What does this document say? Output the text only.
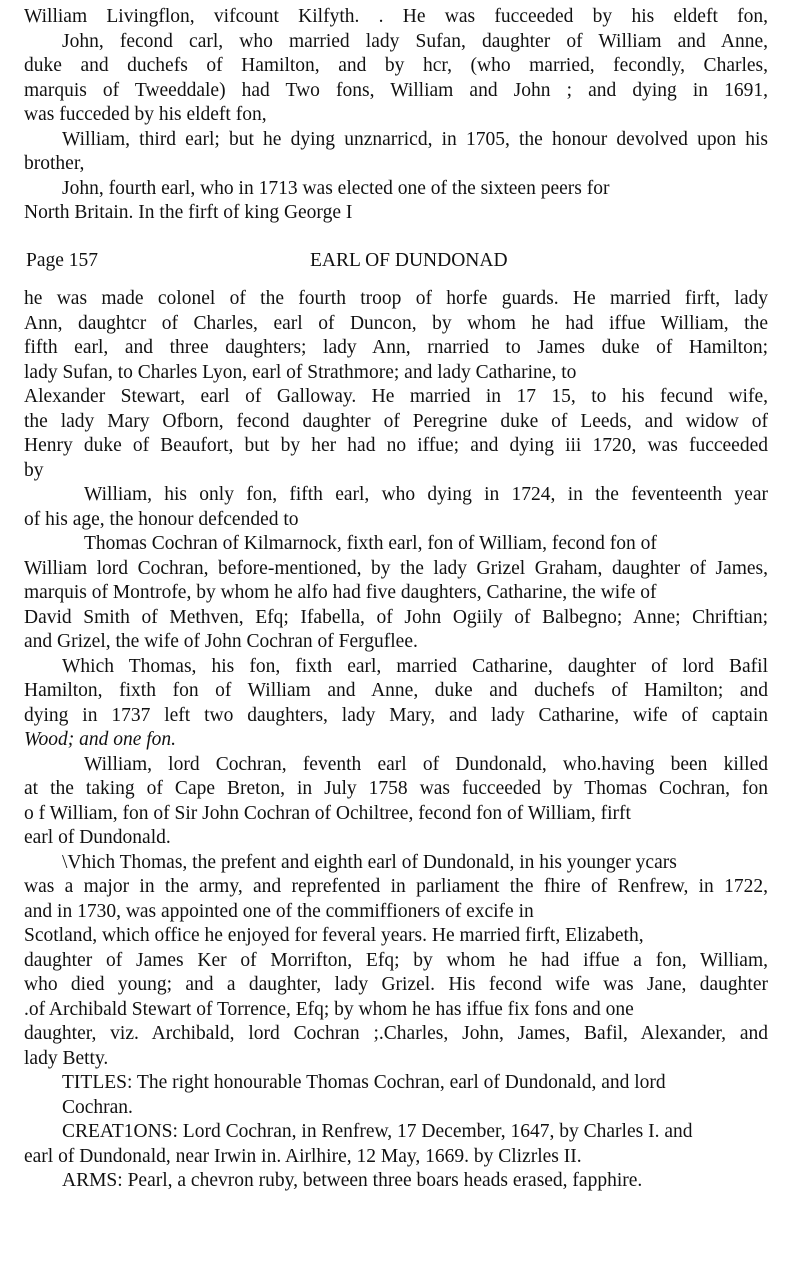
William Livingflon, vifcount Kilfyth. . He was fucceeded by his eldeft fon,
John, fecond carl, who married lady Sufan, daughter of William and Anne,
duke and duchefs of Hamilton, and by hcr, (who married, fecondly, Charles,
marquis of Tweeddale) had Two fons, William and John ; and dying in 1691,
was fucceded by his eldeft fon,
William, third earl; but he dying unznarricd, in 1705, the honour devolved upon his
brother,
John, fourth earl, who in 1713 was elected one of the sixteen peers for
North Britain. In the firft of king George I
Page 157	EARL OF DUNDONAD
he was made colonel of the fourth troop of horfe guards. He married firft, lady
Ann, daughtcr of Charles, earl of Duncon, by whom he had iffue William, the
fifth earl, and three daughters; lady Ann, rnarried to James duke of Hamilton;
lady Sufan, to Charles Lyon, earl of Strathmore; and lady Catharine, to
Alexander Stewart, earl of Galloway. He married in 17 15, to his fecund wife,
the lady Mary Ofborn, fecond daughter of Peregrine duke of Leeds, and widow of
Henry duke of Beaufort, but by her had no iffue; and dying iii 1720, was fucceeded
by
William, his only fon, fifth earl, who dying in 1724, in the feventeenth year
of his age, the honour defcended to
Thomas Cochran of Kilmarnock, fixth earl, fon of William, fecond fon of
William lord Cochran, before-mentioned, by the lady Grizel Graham, daughter of James,
marquis of Montrofe, by whom he alfo had five daughters, Catharine, the wife of
David Smith of Methven, Efq; Ifabella, of John Ogiily of Balbegno; Anne; Chriftian;
and Grizel, the wife of John Cochran of Ferguflee.
Which Thomas, his fon, fixth earl, married Catharine, daughter of lord Bafil
Hamilton, fixth fon of William and Anne, duke and duchefs of Hamilton; and
dying in 1737 left two daughters, lady Mary, and lady Catharine, wife of captain
Wood; and one fon.
William, lord Cochran, feventh earl of Dundonald, who.having been killed
at the taking of Cape Breton, in July 1758 was fucceeded by Thomas Cochran, fon
o f William, fon of Sir John Cochran of Ochiltree, fecond fon of William, firft
earl of Dundonald.
\Vhich Thomas, the prefent and eighth earl of Dundonald, in his younger ycars
was a major in the army, and reprefented in parliament the fhire of Renfrew, in 1722,
and in 1730, was appointed one of the commiffioners of excife in
Scotland, which office he enjoyed for feveral years. He married firft, Elizabeth,
daughter of James Ker of Morrifton, Efq; by whom he had iffue a fon, William,
who died young; and a daughter, lady Grizel. His fecond wife was Jane, daughter
.of Archibald Stewart of Torrence, Efq; by whom he has iffue fix fons and one
daughter, viz. Archibald, lord Cochran ;.Charles, John, James, Bafil, Alexander, and
lady Betty.
TITLES: The right honourable Thomas Cochran, earl of Dundonald, and lord
Cochran.
CREAT1ONS: Lord Cochran, in Renfrew, 17 December, 1647, by Charles I. and
earl of Dundonald, near Irwin in. Airlhire, 12 May, 1669. by Clizrles II.
ARMS: Pearl, a chevron ruby, between three boars heads erased, fapphire.
